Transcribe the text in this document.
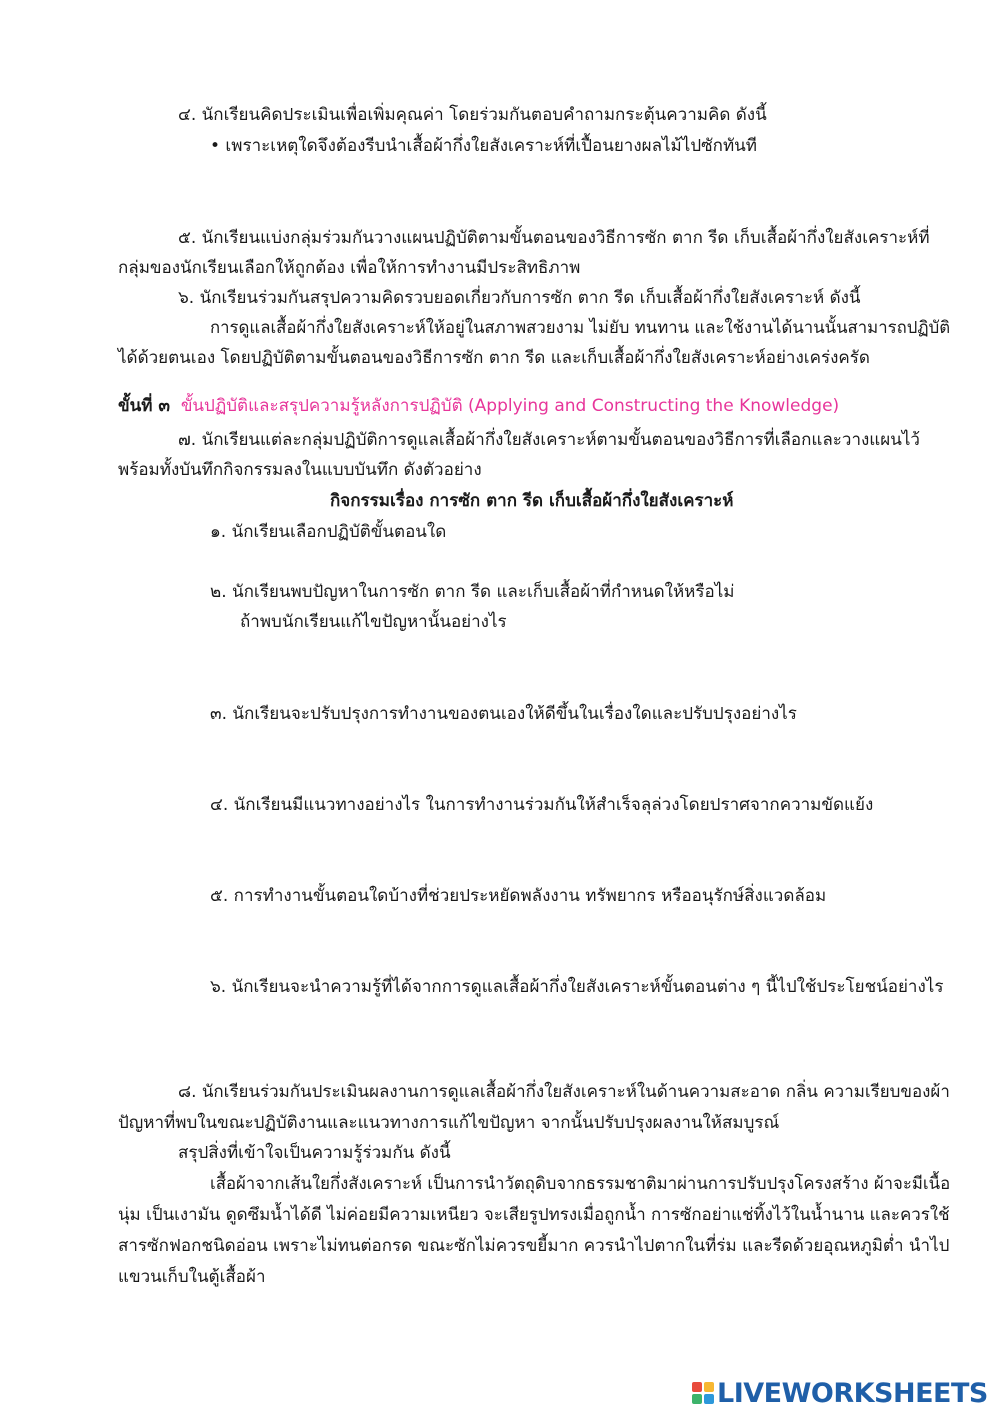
๔. นักเรียนคิดประเมินเพื่อเพิ่มคุณค่า โดยร่วมกันตอบคำถามกระตุ้นความคิด ดังนี้
• เพราะเหตุใดจึงต้องรีบนำเสื้อผ้ากึ่งใยสังเคราะห์ที่เปื้อนยางผลไม้ไปซักทันที
๕. นักเรียนแบ่งกลุ่มร่วมกันวางแผนปฏิบัติตามขั้นตอนของวิธีการซัก ตาก รีด เก็บเสื้อผ้ากึ่งใยสังเคราะห์ที่
กลุ่มของนักเรียนเลือกให้ถูกต้อง เพื่อให้การทำงานมีประสิทธิภาพ
๖. นักเรียนร่วมกันสรุปความคิดรวบยอดเกี่ยวกับการซัก ตาก รีด เก็บเสื้อผ้ากึ่งใยสังเคราะห์ ดังนี้
การดูแลเสื้อผ้ากึ่งใยสังเคราะห์ให้อยู่ในสภาพสวยงาม ไม่ยับ ทนทาน และใช้งานได้นานนั้นสามารถปฏิบัติ
ได้ด้วยตนเอง โดยปฏิบัติตามขั้นตอนของวิธีการซัก ตาก รีด และเก็บเสื้อผ้ากึ่งใยสังเคราะห์อย่างเคร่งครัด
ขั้นที่ ๓ ขั้นปฏิบัติและสรุปความรู้หลังการปฏิบัติ (Applying and Constructing the Knowledge)
๗. นักเรียนแต่ละกลุ่มปฏิบัติการดูแลเสื้อผ้ากึ่งใยสังเคราะห์ตามขั้นตอนของวิธีการที่เลือกและวางแผนไว้
พร้อมทั้งบันทึกกิจกรรมลงในแบบบันทึก ดังตัวอย่าง
กิจกรรมเรื่อง การซัก ตาก รีด เก็บเสื้อผ้ากึ่งใยสังเคราะห์
๑. นักเรียนเลือกปฏิบัติขั้นตอนใด
๒. นักเรียนพบปัญหาในการซัก ตาก รีด และเก็บเสื้อผ้าที่กำหนดให้หรือไม่
ถ้าพบนักเรียนแก้ไขปัญหานั้นอย่างไร
๓. นักเรียนจะปรับปรุงการทำงานของตนเองให้ดีขึ้นในเรื่องใดและปรับปรุงอย่างไร
๔. นักเรียนมีแนวทางอย่างไร ในการทำงานร่วมกันให้สำเร็จลุล่วงโดยปราศจากความขัดแย้ง
๕. การทำงานขั้นตอนใดบ้างที่ช่วยประหยัดพลังงาน ทรัพยากร หรืออนุรักษ์สิ่งแวดล้อม
๖. นักเรียนจะนำความรู้ที่ได้จากการดูแลเสื้อผ้ากึ่งใยสังเคราะห์ขั้นตอนต่าง ๆ นี้ไปใช้ประโยชน์อย่างไร
๘. นักเรียนร่วมกันประเมินผลงานการดูแลเสื้อผ้ากึ่งใยสังเคราะห์ในด้านความสะอาด กลิ่น ความเรียบของผ้า
ปัญหาที่พบในขณะปฏิบัติงานและแนวทางการแก้ไขปัญหา จากนั้นปรับปรุงผลงานให้สมบูรณ์
สรุปสิ่งที่เข้าใจเป็นความรู้ร่วมกัน ดังนี้
เสื้อผ้าจากเส้นใยกึ่งสังเคราะห์ เป็นการนำวัตถุดิบจากธรรมชาติมาผ่านการปรับปรุงโครงสร้าง ผ้าจะมีเนื้อ
นุ่ม เป็นเงามัน ดูดซึมน้ำได้ดี ไม่ค่อยมีความเหนียว จะเสียรูปทรงเมื่อถูกน้ำ การซักอย่าแช่ทิ้งไว้ในน้ำนาน และควรใช้
สารซักฟอกชนิดอ่อน เพราะไม่ทนต่อกรด ขณะซักไม่ควรขยี้มาก ควรนำไปตากในที่ร่ม และรีดด้วยอุณหภูมิต่ำ นำไป
แขวนเก็บในตู้เสื้อผ้า
LIVEWORKSHEETS
